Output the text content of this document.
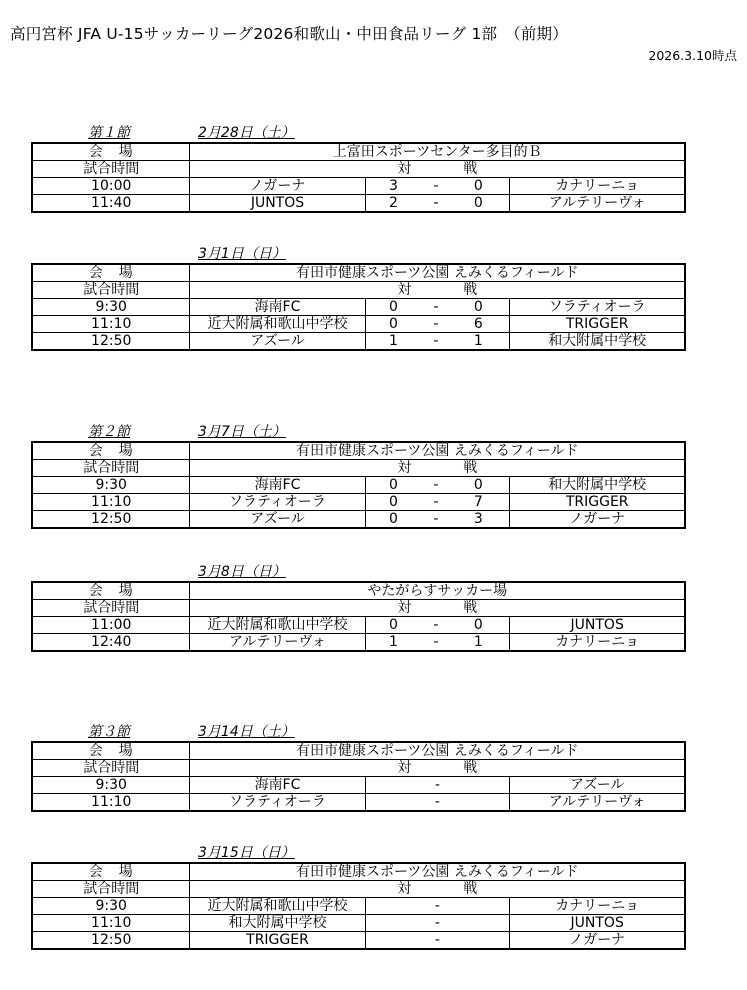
高円宮杯 JFA U-15サッカーリーグ2026和歌山・中田食品リーグ 1部　（前期）
2026.3.10時点
第１節	2月28日（土）
会　場	上富田スポーツセンター多目的Ｂ		
試合時間	対 戦		
10:00	ノガーナ	3 - 0	カナリーニョ
11:40	JUNTOS	2 - 0	アルテリーヴォ
3月1日（日）
会　場	有田市健康スポーツ公園 えみくるフィールド		
試合時間	対 戦		
9:30	海南FC	0 - 0	ソラティオーラ
11:10	近大附属和歌山中学校	0 - 6	TRIGGER
12:50	アズール	1 - 1	和大附属中学校
第２節	3月7日（土）
会　場	有田市健康スポーツ公園 えみくるフィールド		
試合時間	対 戦		
9:30	海南FC	0 - 0	和大附属中学校
11:10	ソラティオーラ	0 - 7	TRIGGER
12:50	アズール	0 - 3	ノガーナ
3月8日（日）
会　場	やたがらすサッカー場		
試合時間	対 戦		
11:00	近大附属和歌山中学校	0 - 0	JUNTOS
12:40	アルテリーヴォ	1 - 1	カナリーニョ
第３節	3月14日（土）
会　場	有田市健康スポーツ公園 えみくるフィールド		
試合時間	対 戦		
9:30	海南FC	-	アズール
11:10	ソラティオーラ	-	アルテリーヴォ
3月15日（日）
会　場	有田市健康スポーツ公園 えみくるフィールド		
試合時間	対 戦		
9:30	近大附属和歌山中学校	-	カナリーニョ
11:10	和大附属中学校	-	JUNTOS
12:50	TRIGGER	-	ノガーナ
